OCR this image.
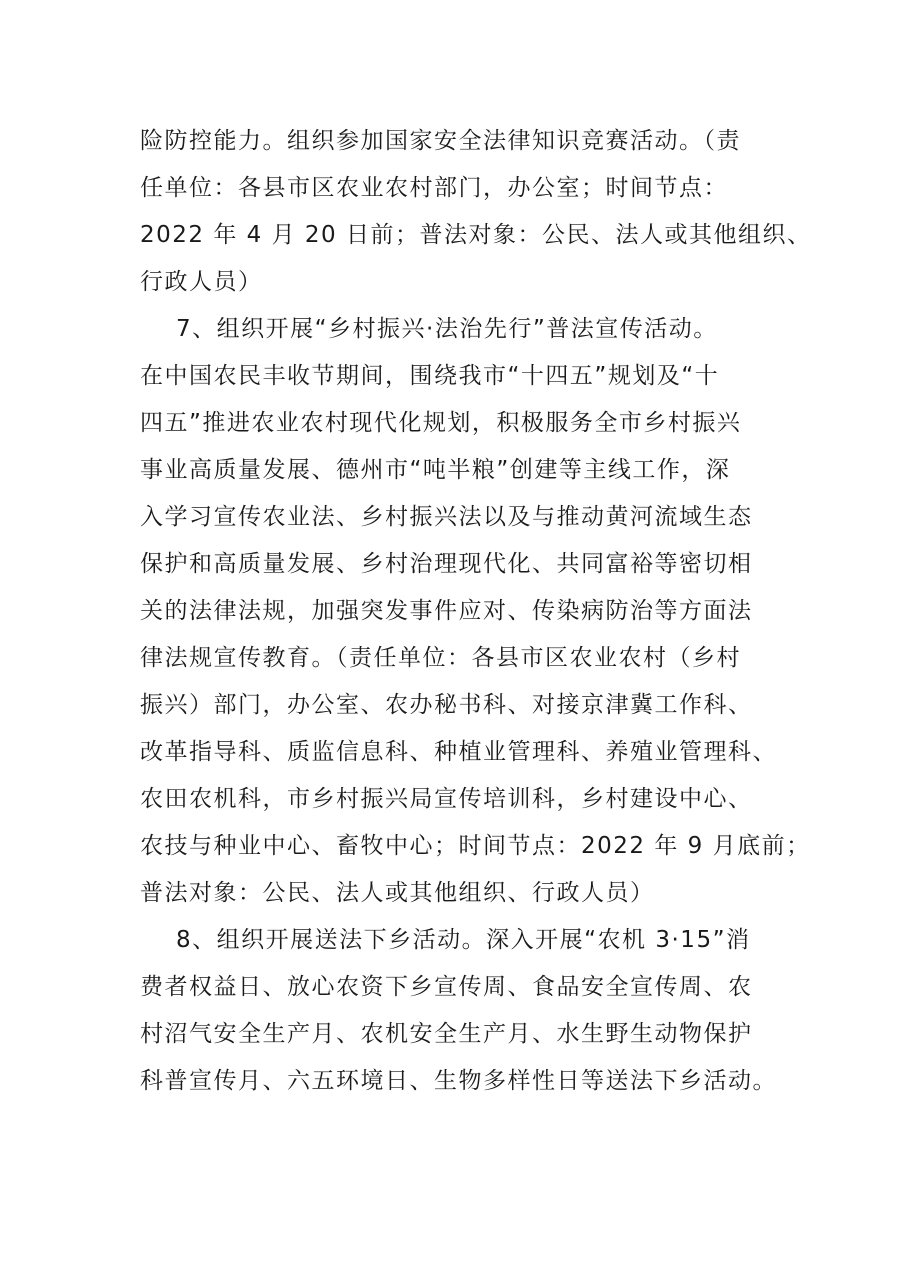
险防控能力。组织参加国家安全法律知识竞赛活动。（责
任单位：各县市区农业农村部门，办公室；时间节点：
2022 年 4 月 20 日前；普法对象：公民、法人或其他组织、
行政人员）
7、组织开展“乡村振兴·法治先行”普法宣传活动。
在中国农民丰收节期间，围绕我市“十四五”规划及“十
四五”推进农业农村现代化规划，积极服务全市乡村振兴
事业高质量发展、德州市“吨半粮”创建等主线工作，深
入学习宣传农业法、乡村振兴法以及与推动黄河流域生态
保护和高质量发展、乡村治理现代化、共同富裕等密切相
关的法律法规，加强突发事件应对、传染病防治等方面法
律法规宣传教育。（责任单位：各县市区农业农村（乡村
振兴）部门，办公室、农办秘书科、对接京津冀工作科、
改革指导科、质监信息科、种植业管理科、养殖业管理科、
农田农机科，市乡村振兴局宣传培训科，乡村建设中心、
农技与种业中心、畜牧中心；时间节点：2022 年 9 月底前；
普法对象：公民、法人或其他组织、行政人员）
8、组织开展送法下乡活动。深入开展“农机 3·15”消
费者权益日、放心农资下乡宣传周、食品安全宣传周、农
村沼气安全生产月、农机安全生产月、水生野生动物保护
科普宣传月、六五环境日、生物多样性日等送法下乡活动。
